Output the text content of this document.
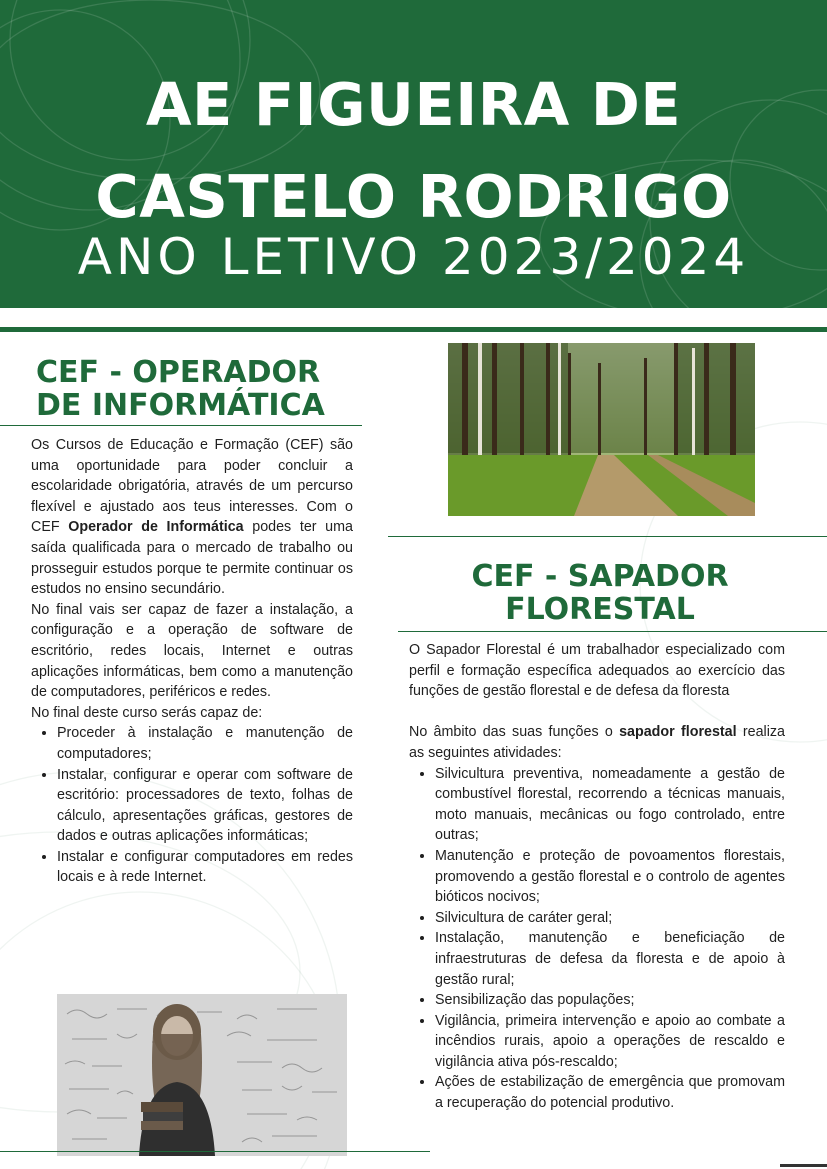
AE FIGUEIRA DE
CASTELO RODRIGO
ANO LETIVO 2023/2024
CEF - OPERADOR
DE INFORMÁTICA

Os Cursos de Educação e Formação (CEF) são uma oportunidade para poder concluir a escolaridade obrigatória, através de um percurso flexível e ajustado aos teus interesses. Com o CEF Operador de Informática podes ter uma saída qualificada para o mercado de trabalho ou prosseguir estudos porque te permite continuar os estudos no ensino secundário.

No final vais ser capaz de fazer a instalação, a configuração e a operação de software de escritório, redes locais, Internet e outras aplicações informáticas, bem como a manutenção de computadores, periféricos e redes.

No final deste curso serás capaz de:

• Proceder à instalação e manutenção de computadores;
• Instalar, configurar e operar com software de escritório: processadores de texto, folhas de cálculo, apresentações gráficas, gestores de dados e outras aplicações informáticas;
• Instalar e configurar computadores em redes locais e à rede Internet.
CEF - SAPADOR
FLORESTAL

O Sapador Florestal é um trabalhador especializado com perfil e formação específica adequados ao exercício das funções de gestão florestal e de defesa da floresta

No âmbito das suas funções o sapador florestal realiza as seguintes atividades:

• Silvicultura preventiva, nomeadamente a gestão de combustível florestal, recorrendo a técnicas manuais, moto manuais, mecânicas ou fogo controlado, entre outras;
• Manutenção e proteção de povoamentos florestais, promovendo a gestão florestal e o controlo de agentes bióticos nocivos;
• Silvicultura de caráter geral;
• Instalação, manutenção e beneficiação de infraestruturas de defesa da floresta e de apoio à gestão rural;
• Sensibilização das populações;
• Vigilância, primeira intervenção e apoio ao combate a incêndios rurais, apoio a operações de rescaldo e vigilância ativa pós-rescaldo;
• Ações de estabilização de emergência que promovam a recuperação do potencial produtivo.
